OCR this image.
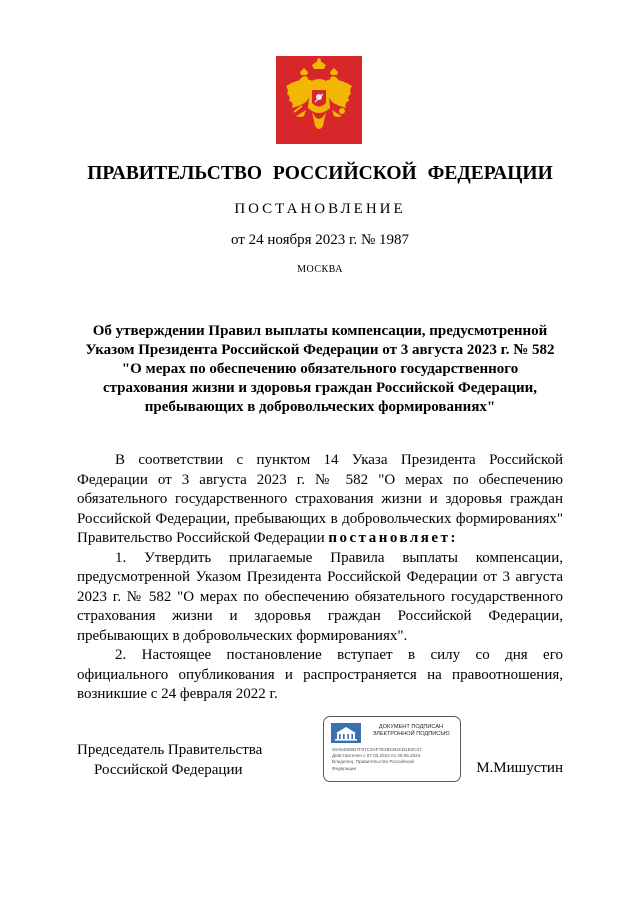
ПРАВИТЕЛЬСТВО РОССИЙСКОЙ ФЕДЕРАЦИИ
ПОСТАНОВЛЕНИЕ
от 24 ноября 2023 г. № 1987
МОСКВА
Об утверждении Правил выплаты компенсации, предусмотренной
Указом Президента Российской Федерации от 3 августа 2023 г. № 582
"О мерах по обеспечению обязательного государственного
страхования жизни и здоровья граждан Российской Федерации,
пребывающих в добровольческих формированиях"

В соответствии с пунктом 14 Указа Президента Российской Федерации от 3 августа 2023 г. № 582 "О мерах по обеспечению обязательного государственного страхования жизни и здоровья граждан Российской Федерации, пребывающих в добровольческих формированиях" Правительство Российской Федерации постановляет:

1. Утвердить прилагаемые Правила выплаты компенсации, предусмотренной Указом Президента Российской Федерации от 3 августа 2023 г. № 582 "О мерах по обеспечению обязательного государственного страхования жизни и здоровья граждан Российской Федерации, пребывающих в добровольческих формированиях".

2. Настоящее постановление вступает в силу со дня его официального опубликования и распространяется на правоотношения, возникшие с 24 февраля 2022 г.

Председатель Правительства
Российской Федерации
ДОКУМЕНТ ПОДПИСАН
ЭЛЕКТРОННОЙ ПОДПИСЬЮ
00A54909D7F07C3AF7E2BCB2CB1E3C37
Действителен с 07.03.2023 по 30.05.2024
Владелец: Правительство Российской
Федерации	М.Мишустин
